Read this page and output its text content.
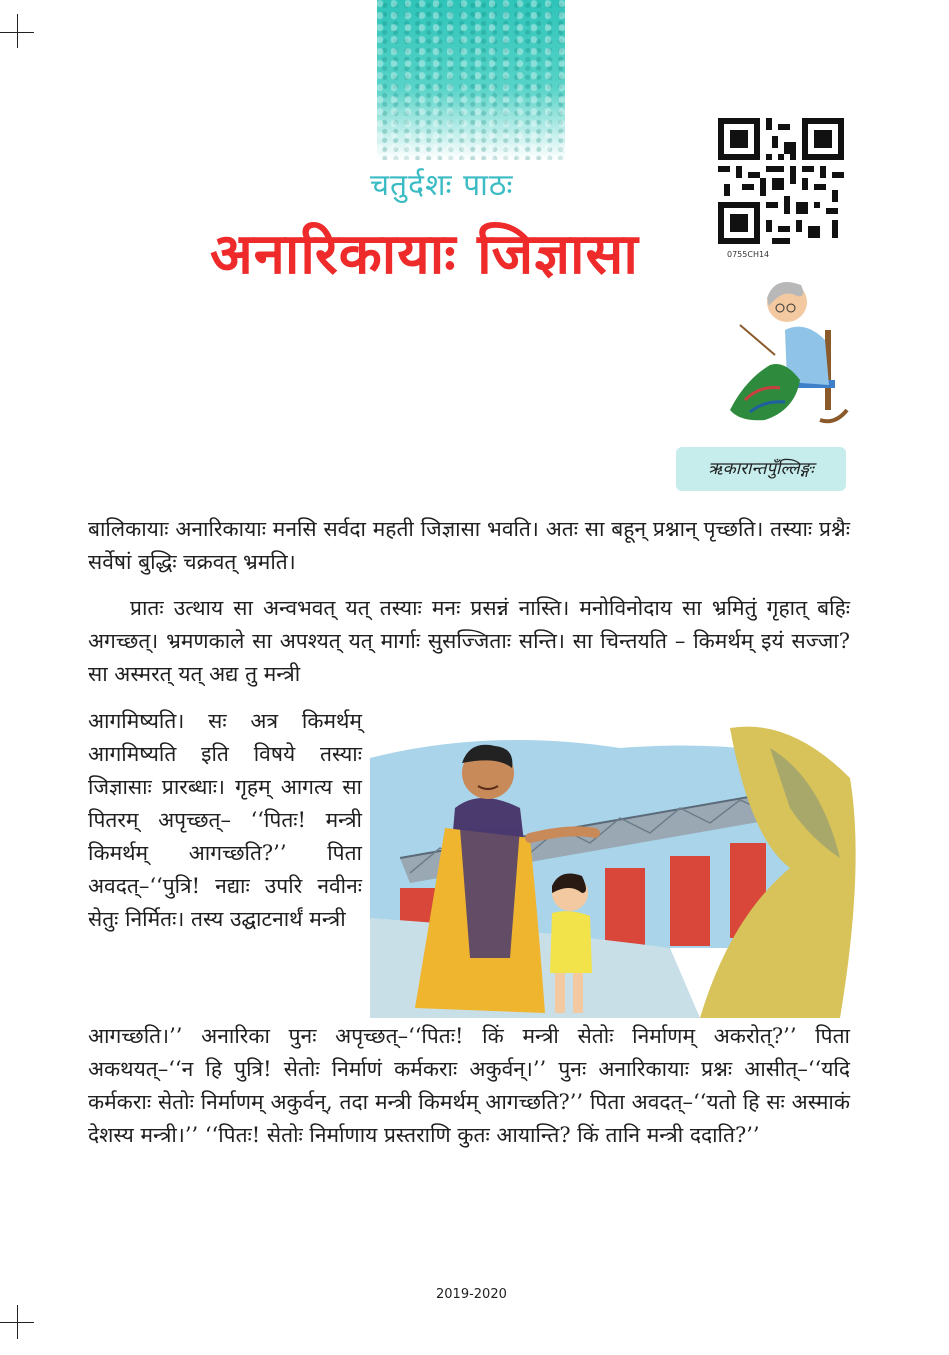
चतुर्दशः पाठः
अनारिकायाः जिज्ञासा	0755CH14
ऋकारान्तपुँल्लिङ्गः
बालिकायाः अनारिकायाः मनसि सर्वदा महती जिज्ञासा भवति। अतः सा बहून् प्रश्नान् पृच्छति। तस्याः प्रश्नैः सर्वेषां बुद्धिः चक्रवत् भ्रमति।
प्रातः उत्थाय सा अन्वभवत् यत् तस्याः मनः प्रसन्नं नास्ति। मनोविनोदाय सा भ्रमितुं गृहात् बहिः अगच्छत्। भ्रमणकाले सा अपश्यत् यत् मार्गाः सुसज्जिताः सन्ति। सा चिन्तयति – किमर्थम् इयं सज्जा? सा अस्मरत् यत् अद्य तु मन्त्री
आगमिष्यति। सः अत्र किमर्थम् आगमिष्यति इति विषये तस्याः जिज्ञासाः प्रारब्धाः। गृहम् आगत्य सा पितरम् अपृच्छत्– ‘‘पितः! मन्त्री किमर्थम् आगच्छति?’’ पिता अवदत्–‘‘पुत्रि! नद्याः उपरि नवीनः सेतुः निर्मितः। तस्य उद्घाटनार्थं मन्त्री
आगच्छति।’’ अनारिका पुनः अपृच्छत्–‘‘पितः! किं मन्त्री सेतोः निर्माणम् अकरोत्?’’ पिता अकथयत्–‘‘न हि पुत्रि! सेतोः निर्माणं कर्मकराः अकुर्वन्।’’ पुनः अनारिकायाः प्रश्नः आसीत्–‘‘यदि कर्मकराः सेतोः निर्माणम् अकुर्वन्, तदा मन्त्री किमर्थम् आगच्छति?’’ पिता अवदत्–‘‘यतो हि सः अस्माकं देशस्य मन्त्री।’’ ‘‘पितः! सेतोः निर्माणाय प्रस्तराणि कुतः आयान्ति? किं तानि मन्त्री ददाति?’’
2019-2020
